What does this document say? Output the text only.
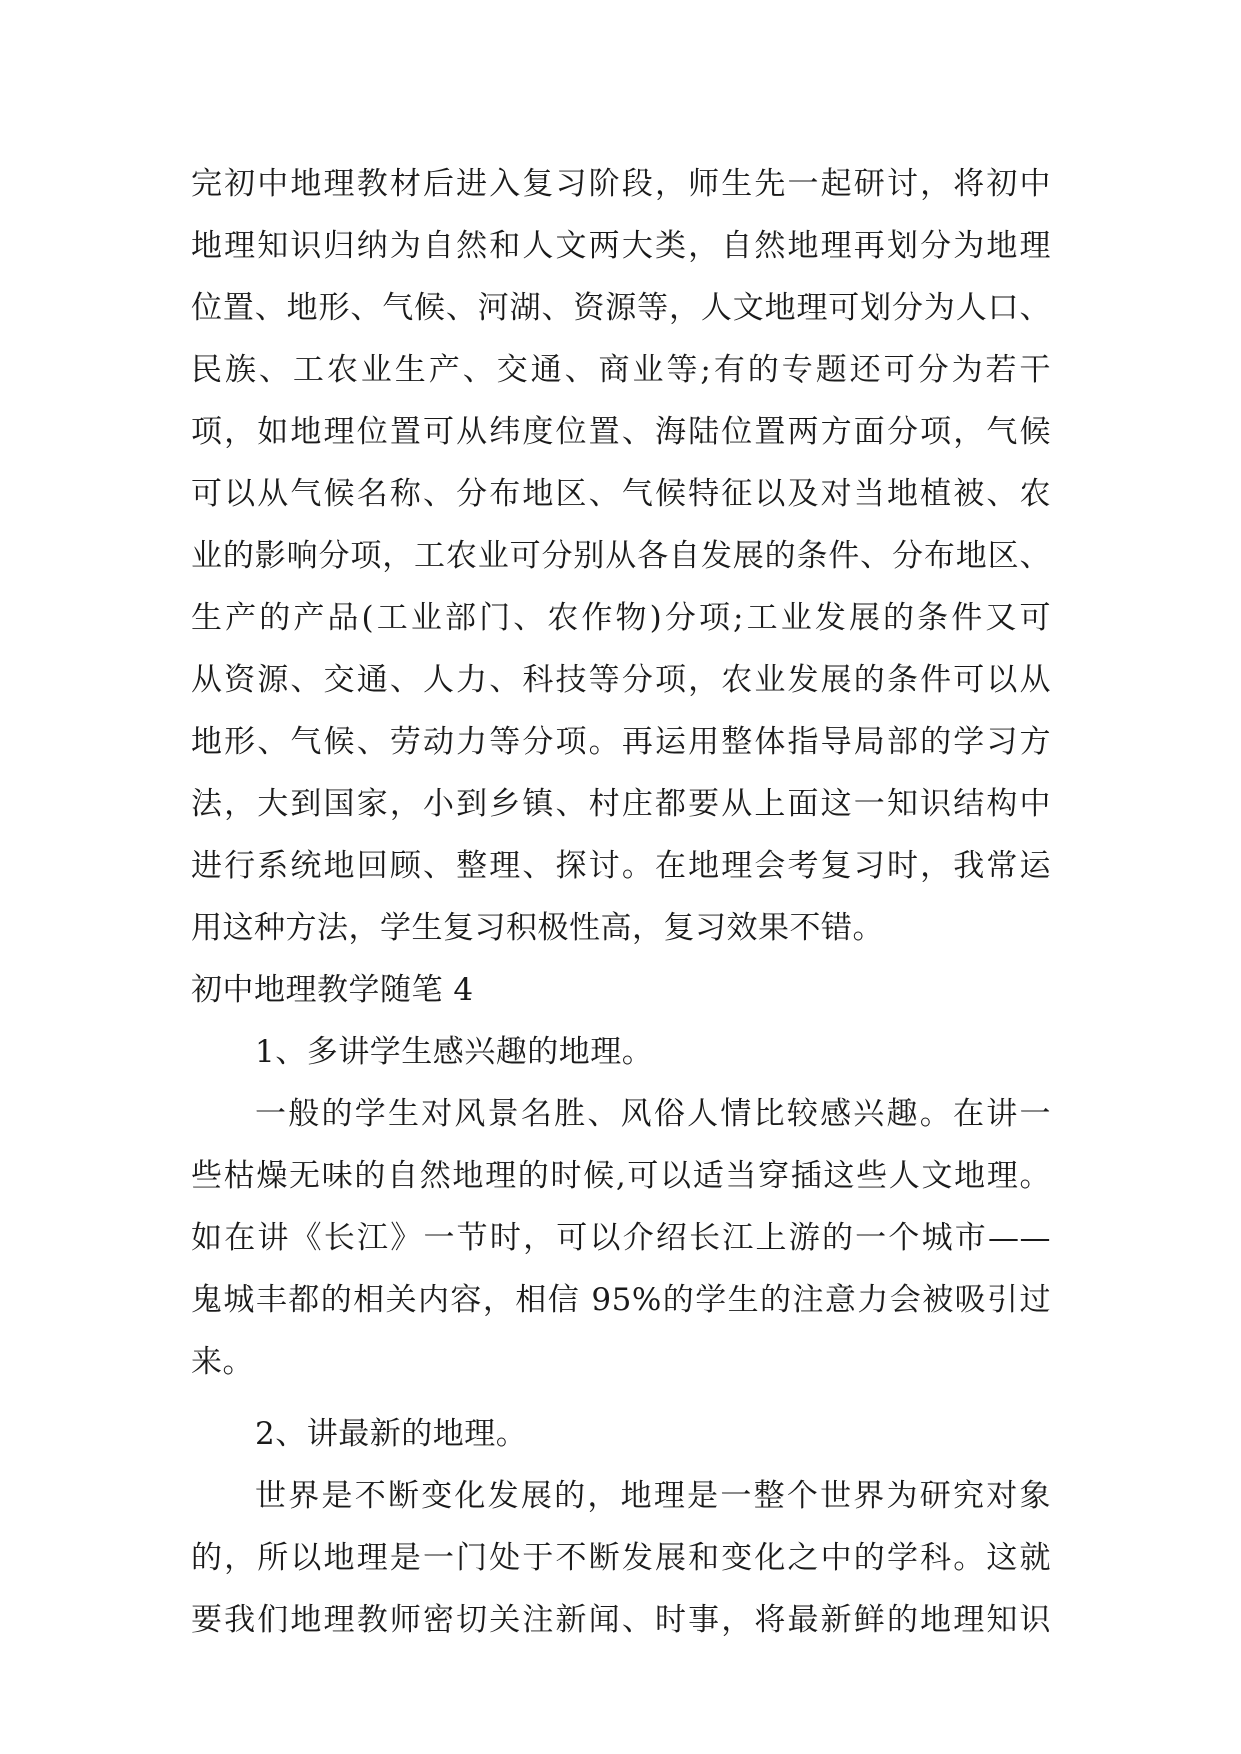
完初中地理教材后进入复习阶段，师生先一起研讨，将初中
地理知识归纳为自然和人文两大类，自然地理再划分为地理
位置、地形、气候、河湖、资源等，人文地理可划分为人口、
民族、工农业生产、交通、商业等;有的专题还可分为若干
项，如地理位置可从纬度位置、海陆位置两方面分项，气候
可以从气候名称、分布地区、气候特征以及对当地植被、农
业的影响分项，工农业可分别从各自发展的条件、分布地区、
生产的产品(工业部门、农作物)分项;工业发展的条件又可
从资源、交通、人力、科技等分项，农业发展的条件可以从
地形、气候、劳动力等分项。再运用整体指导局部的学习方
法，大到国家，小到乡镇、村庄都要从上面这一知识结构中
进行系统地回顾、整理、探讨。在地理会考复习时，我常运
用这种方法，学生复习积极性高，复习效果不错。
初中地理教学随笔 4
1、多讲学生感兴趣的地理。
一般的学生对风景名胜、风俗人情比较感兴趣。在讲一
些枯燥无味的自然地理的时候,可以适当穿插这些人文地理。
如在讲《长江》一节时，可以介绍长江上游的一个城市——
鬼城丰都的相关内容，相信 95%的学生的注意力会被吸引过
来。
2、讲最新的地理。
世界是不断变化发展的，地理是一整个世界为研究对象
的，所以地理是一门处于不断发展和变化之中的学科。这就
要我们地理教师密切关注新闻、时事，将最新鲜的地理知识
